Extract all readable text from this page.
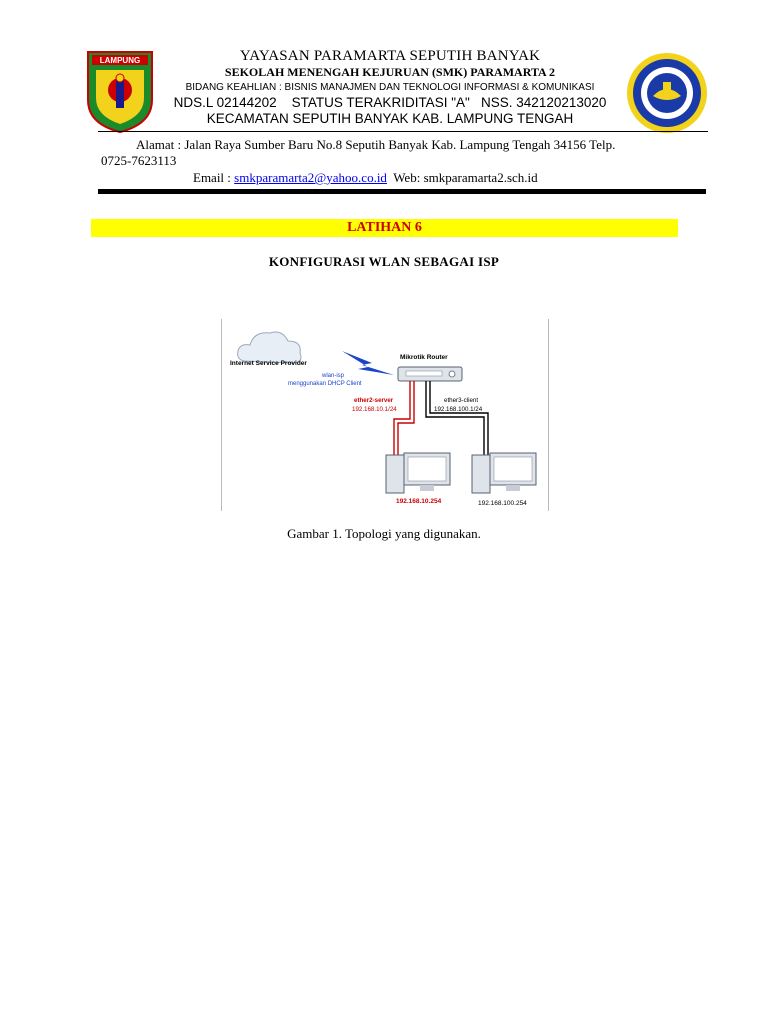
LAMPUNG	YAYASAN PARAMARTA SEPUTIH BANYAK
SEKOLAH MENENGAH KEJURUAN (SMK) PARAMARTA 2
BIDANG KEAHLIAN : BISNIS MANAJMEN DAN TEKNOLOGI INFORMASI & KOMUNIKASI
NDS.L 02144202    STATUS TERAKRIDITASI "A"   NSS. 342120213020
KECAMATAN SEPUTIH BANYAK KAB. LAMPUNG TENGAH
Alamat : Jalan Raya Sumber Baru No.8 Seputih Banyak Kab. Lampung Tengah 34156 Telp.
0725-7623113
Email : smkparamarta2@yahoo.co.id  Web: smkparamarta2.sch.id
LATIHAN 6
KONFIGURASI WLAN SEBAGAI ISP
Internet Service Provider
wlan-isp
menggunakan DHCP Client
Mikrotik Router
ether2-server
192.168.10.1/24
ether3-client
192.168.100.1/24
192.168.10.254	192.168.100.254
Gambar 1. Topologi yang digunakan.
